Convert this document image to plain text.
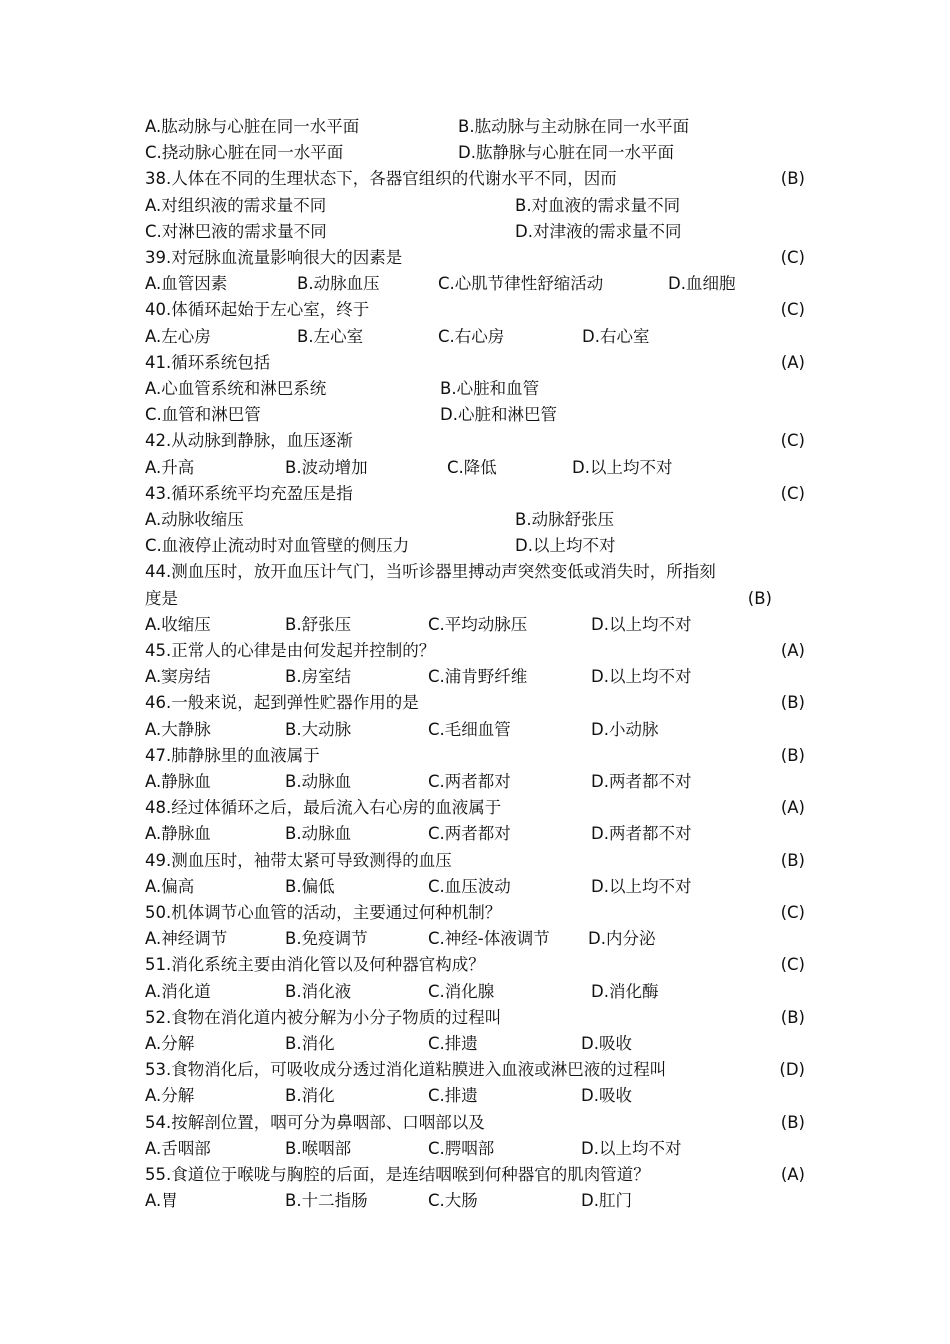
A.肱动脉与心脏在同一水平面	B.肱动脉与主动脉在同一水平面
C.挠动脉心脏在同一水平面	D.肱静脉与心脏在同一水平面
38.人体在不同的生理状态下，各器官组织的代谢水平不同，因而	(B)
A.对组织液的需求量不同	B.对血液的需求量不同
C.对淋巴液的需求量不同	D.对津液的需求量不同
39.对冠脉血流量影响很大的因素是	(C)
A.血管因素	B.动脉血压	C.心肌节律性舒缩活动	D.血细胞
40.体循环起始于左心室，终于	(C)
A.左心房	B.左心室	C.右心房	D.右心室
41.循环系统包括	(A)
A.心血管系统和淋巴系统	B.心脏和血管
C.血管和淋巴管	D.心脏和淋巴管
42.从动脉到静脉，血压逐渐	(C)
A.升高	B.波动增加	C.降低	D.以上均不对
43.循环系统平均充盈压是指	(C)
A.动脉收缩压	B.动脉舒张压
C.血液停止流动时对血管壁的侧压力	D.以上均不对
44.测血压时，放开血压计气门，当听诊器里搏动声突然变低或消失时，所指刻
度是	(B)
A.收缩压	B.舒张压	C.平均动脉压	D.以上均不对
45.正常人的心律是由何发起并控制的？	(A)
A.窦房结	B.房室结	C.浦肯野纤维	D.以上均不对
46.一般来说，起到弹性贮器作用的是	(B)
A.大静脉	B.大动脉	C.毛细血管	D.小动脉
47.肺静脉里的血液属于	(B)
A.静脉血	B.动脉血	C.两者都对	D.两者都不对
48.经过体循环之后，最后流入右心房的血液属于	(A)
A.静脉血	B.动脉血	C.两者都对	D.两者都不对
49.测血压时，袖带太紧可导致测得的血压	(B)
A.偏高	B.偏低	C.血压波动	D.以上均不对
50.机体调节心血管的活动，主要通过何种机制？	(C)
A.神经调节	B.免疫调节	C.神经-体液调节 D.内分泌
51.消化系统主要由消化管以及何种器官构成？	(C)
A.消化道	B.消化液	C.消化腺	D.消化酶
52.食物在消化道内被分解为小分子物质的过程叫	(B)
A.分解	B.消化	C.排遗	D.吸收
53.食物消化后，可吸收成分透过消化道粘膜进入血液或淋巴液的过程叫	(D)
A.分解	B.消化	C.排遗	D.吸收
54.按解剖位置，咽可分为鼻咽部、口咽部以及	(B)
A.舌咽部	B.喉咽部	C.腭咽部	D.以上均不对
55.食道位于喉咙与胸腔的后面，是连结咽喉到何种器官的肌肉管道？	(A)
A.胃	B.十二指肠	C.大肠	D.肛门
